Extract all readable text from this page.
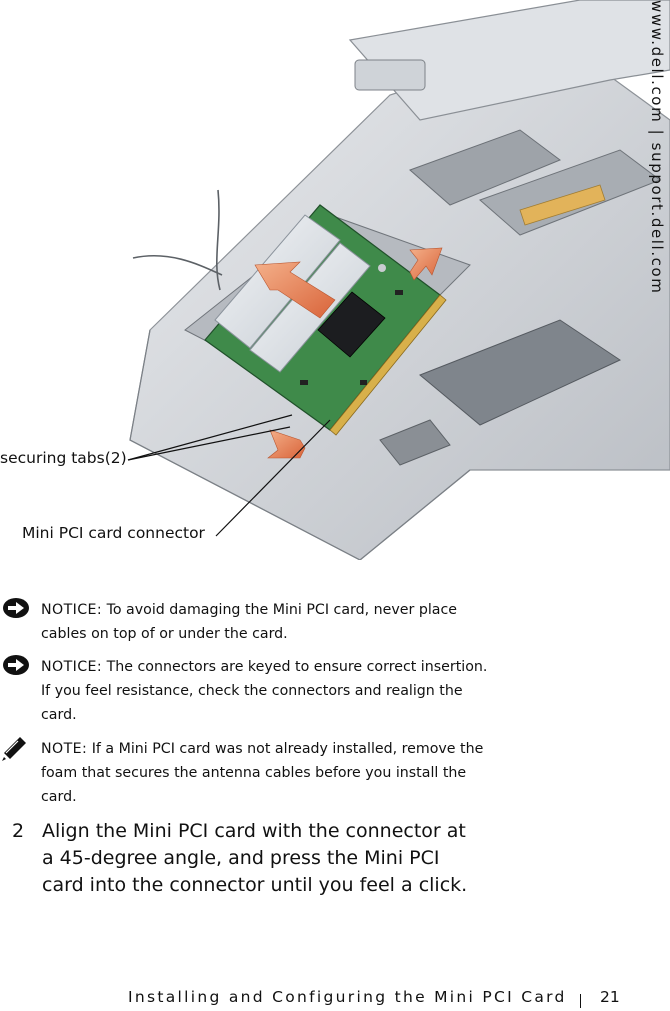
securing tabs(2)
Mini PCI card connector
www.dell.com | support.dell.com
NOTICE: To avoid damaging the Mini PCI card, never place cables on top of or under the card.
NOTICE: The connectors are keyed to ensure correct insertion. If you feel resistance, check the connectors and realign the card.
NOTE: If a Mini PCI card was not already installed, remove the foam that secures the antenna cables before you install the card.
2 Align the Mini PCI card with the connector at a 45-degree angle, and press the Mini PCI card into the connector until you feel a click.
Installing and Configuring the Mini PCI Card 21
